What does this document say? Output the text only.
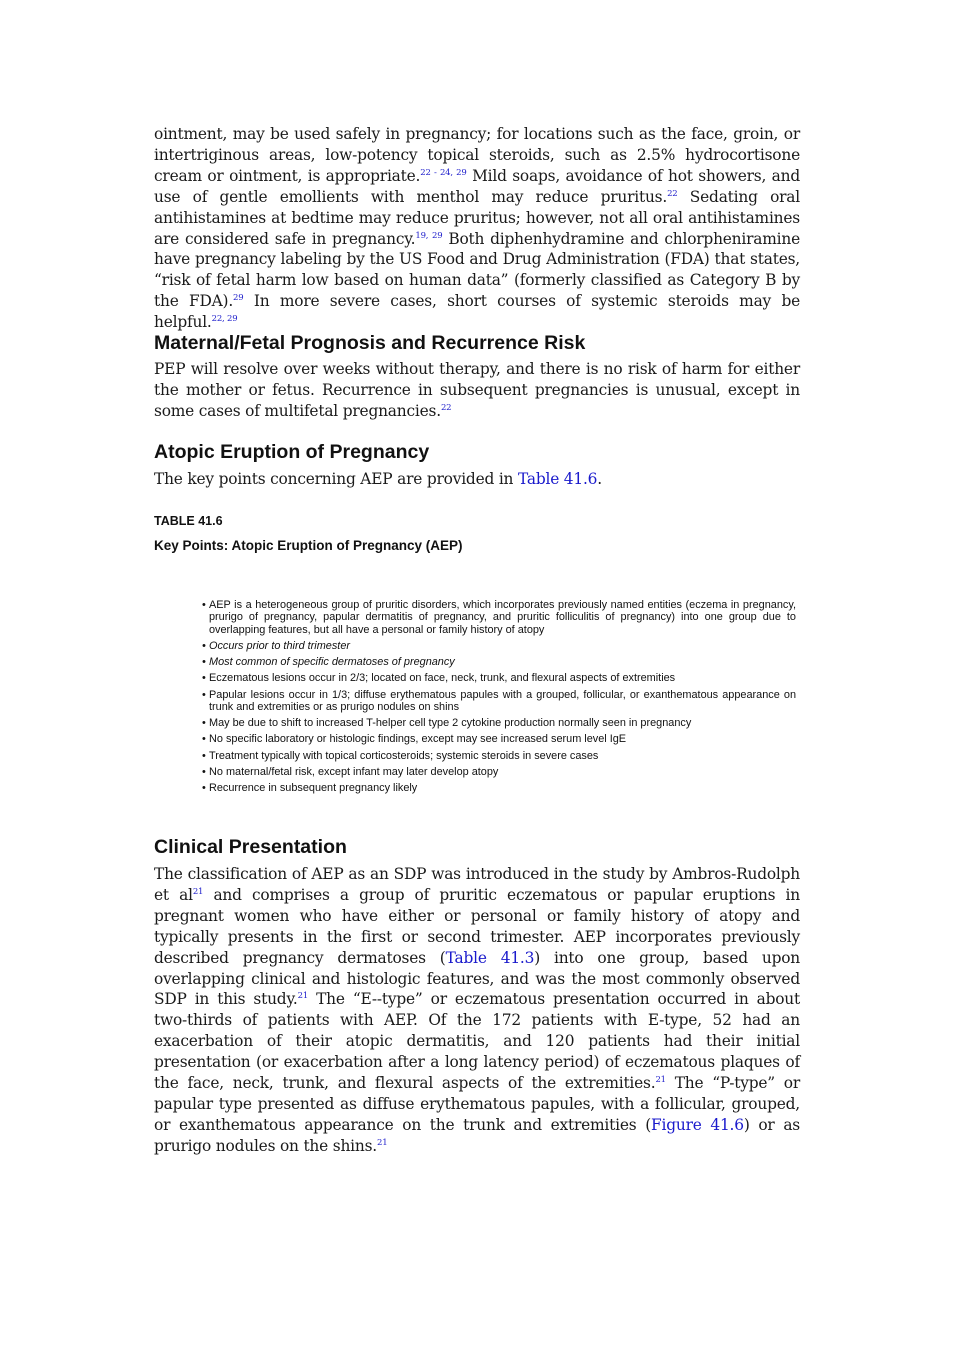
ointment, may be used safely in pregnancy; for locations such as the face, groin, or intertriginous areas, low-potency topical steroids, such as 2.5% hydrocortisone cream or ointment, is appropriate.$^{22 - 24, 29}$ Mild soaps, avoidance of hot showers, and use of gentle emollients with menthol may reduce pruritus.$^{22}$ Sedating oral antihistamines at bedtime may reduce pruritus; however, not all oral antihistamines are considered safe in pregnancy.$^{19, 29}$ Both diphenhydramine and chlorpheniramine have pregnancy labeling by the US Food and Drug Administration (FDA) that states, “risk of fetal harm low based on human data” (formerly classified as Category B by the FDA).$^{29}$ In more severe cases, short courses of systemic steroids may be helpful.$^{22, 29}$

Maternal/Fetal Prognosis and Recurrence Risk

PEP will resolve over weeks without therapy, and there is no risk of harm for either the mother or fetus. Recurrence in subsequent pregnancies is unusual, except in some cases of multifetal pregnancies.$^{22}$

Atopic Eruption of Pregnancy

The key points concerning AEP are provided in Table 41.6.

TABLE 41.6

Key Points: Atopic Eruption of Pregnancy (AEP)

• AEP is a heterogeneous group of pruritic disorders, which incorporates previously named entities (eczema in pregnancy, prurigo of pregnancy, papular dermatitis of pregnancy, and pruritic folliculitis of pregnancy) into one group due to overlapping features, but all have a personal or family history of atopy
• Occurs prior to third trimester
• Most common of specific dermatoses of pregnancy
• Eczematous lesions occur in 2/3; located on face, neck, trunk, and flexural aspects of extremities
• Papular lesions occur in 1/3; diffuse erythematous papules with a grouped, follicular, or exanthematous appearance on trunk and extremities or as prurigo nodules on shins
• May be due to shift to increased T-helper cell type 2 cytokine production normally seen in pregnancy
• No specific laboratory or histologic findings, except may see increased serum level IgE
• Treatment typically with topical corticosteroids; systemic steroids in severe cases
• No maternal/fetal risk, except infant may later develop atopy
• Recurrence in subsequent pregnancy likely
Clinical Presentation

The classification of AEP as an SDP was introduced in the study by Ambros-Rudolph et $al^{21}$ and comprises a group of pruritic eczematous or papular eruptions in pregnant women who have either or personal or family history of atopy and typically presents in the first or second trimester. AEP incorporates previously described pregnancy dermatoses (Table 41.3) into one group, based upon overlapping clinical and histologic features, and was the most commonly observed SDP in this study.$^{21}$ The “E--type” or eczematous presentation occurred in about two-thirds of patients with AEP. Of the 172 patients with E-type, 52 had an exacerbation of their atopic dermatitis, and 120 patients had their initial presentation (or exacerbation after a long latency period) of eczematous plaques of the face, neck, trunk, and flexural aspects of the extremities.$^{21}$ The “P-type” or papular type presented as diffuse erythematous papules, with a follicular, grouped, or exanthematous appearance on the trunk and extremities (Figure 41.6) or as prurigo nodules on the shins.$^{21}$
